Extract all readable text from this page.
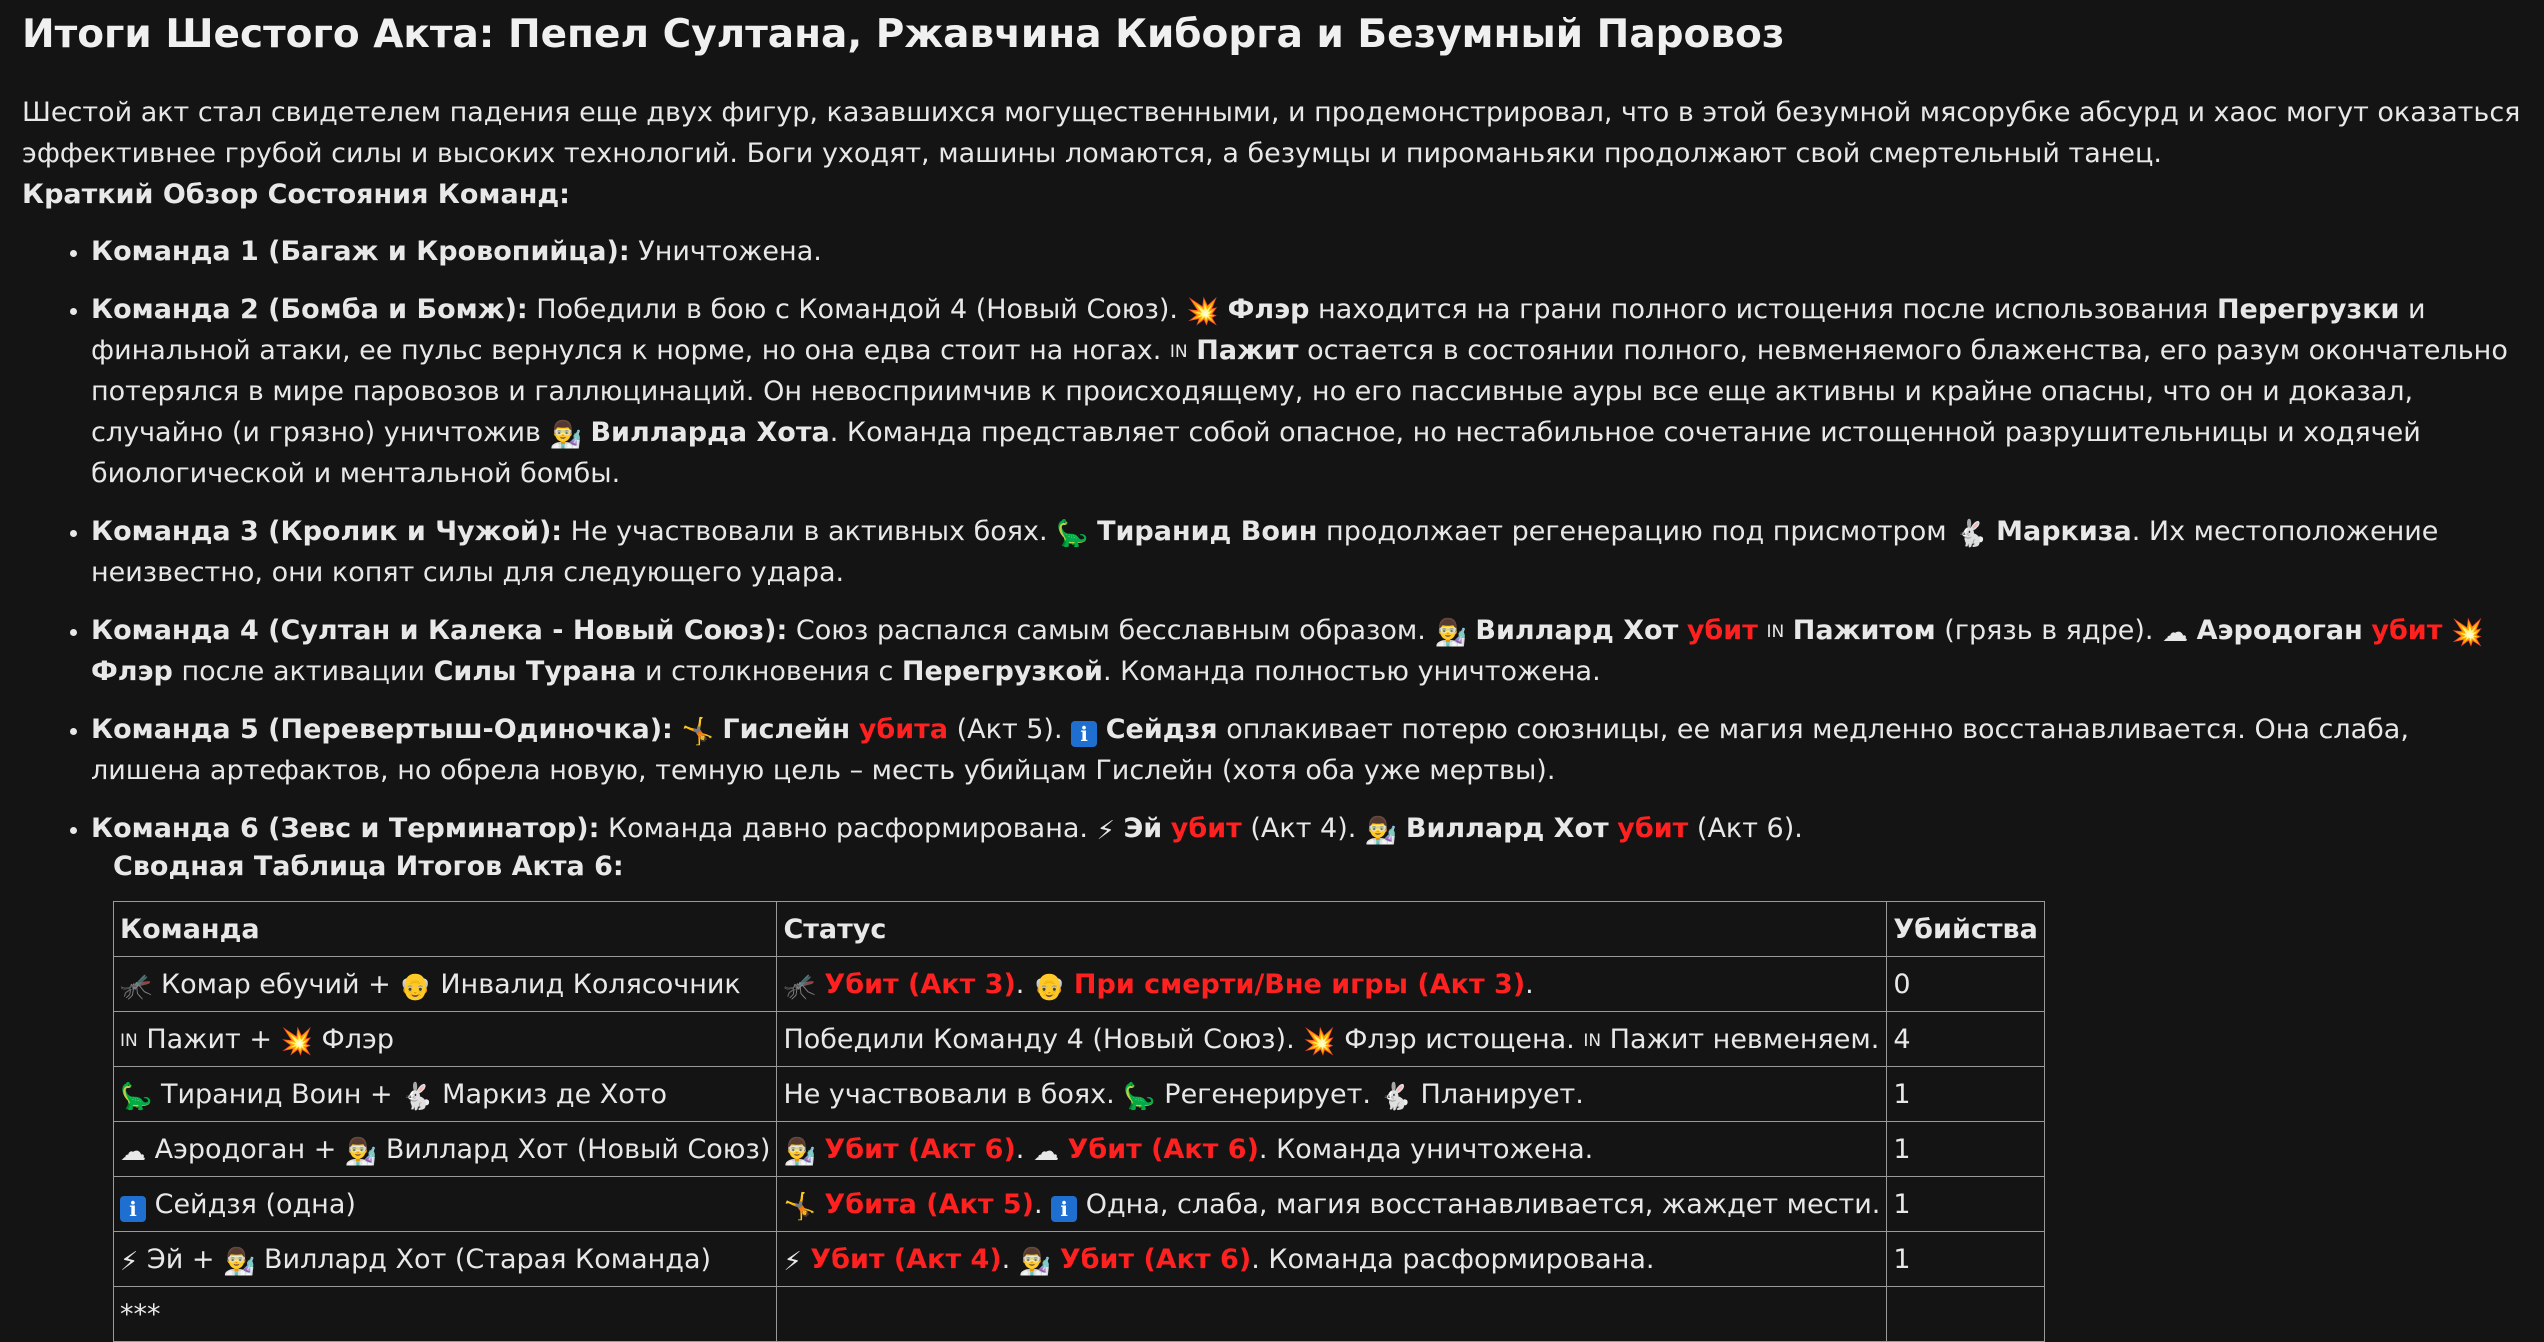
Итоги Шестого Акта: Пепел Султана, Ржавчина Киборга и Безумный Паровоз

Шестой акт стал свидетелем падения еще двух фигур, казавшихся могущественными, и продемонстрировал, что в этой безумной мясорубке абсурд и хаос могут оказаться эффективнее грубой силы и высоких технологий. Боги уходят, машины ломаются, а безумцы и пироманьяки продолжают свой смертельный танец.

Краткий Обзор Состояния Команд:

• Команда 1 (Багаж и Кровопийца): Уничтожена.
• Команда 2 (Бомба и Бомж): Победили в бою с Командой 4 (Новый Союз). 💥 Флэр находится на грани полного истощения после использования Перегрузки и финальной атаки, ее пульс вернулся к норме, но она едва стоит на ногах. IN Пажит остается в состоянии полного, невменяемого блаженства, его разум окончательно потерялся в мире паровозов и галлюцинаций. Он невосприимчив к происходящему, но его пассивные ауры все еще активны и крайне опасны, что он и доказал, случайно (и грязно) уничтожив 👨‍🔬 Вилларда Хота. Команда представляет собой опасное, но нестабильное сочетание истощенной разрушительницы и ходячей биологической и ментальной бомбы.
• Команда 3 (Кролик и Чужой): Не участвовали в активных боях. 🦕 Тиранид Воин продолжает регенерацию под присмотром 🐇 Маркиза. Их местоположение неизвестно, они копят силы для следующего удара.
• Команда 4 (Султан и Калека - Новый Союз): Союз распался самым бесславным образом. 👨‍🔬 Виллард Хот убит IN Пажитом (грязь в ядре). ☁ Аэродоган убит 💥 Флэр после активации Силы Турана и столкновения с Перегрузкой. Команда полностью уничтожена.
• Команда 5 (Перевертыш-Одиночка): 🤸 Гислейн убита (Акт 5). ℹ Сейдзя оплакивает потерю союзницы, ее магия медленно восстанавливается. Она слаба, лишена артефактов, но обрела новую, темную цель – месть убийцам Гислейн (хотя оба уже мертвы).
• Команда 6 (Зевс и Терминатор): Команда давно расформирована. ⚡ Эй убит (Акт 4). 👨‍🔬 Виллард Хот убит (Акт 6).

Сводная Таблица Итогов Акта 6:

Команда	Статус	Убийства
🦟 Комар ебучий + 👴 Инвалид Колясочник	🦟 Убит (Акт 3). 👴 При смерти/Вне игры (Акт 3).	0
IN Пажит + 💥 Флэр	Победили Команду 4 (Новый Союз). 💥 Флэр истощена. IN Пажит невменяем.	4
🦕 Тиранид Воин + 🐇 Маркиз де Хото	Не участвовали в боях. 🦕 Регенерирует. 🐇 Планирует.	1
☁ Аэродоган + 👨‍🔬 Виллард Хот (Новый Союз)	👨‍🔬 Убит (Акт 6). ☁ Убит (Акт 6). Команда уничтожена.	1
ℹ Сейдзя (одна)	🤸 Убита (Акт 5). ℹ Одна, слаба, магия восстанавливается, жаждет мести.	1
⚡ Эй + 👨‍🔬 Виллард Хот (Старая Команда)	⚡ Убит (Акт 4). 👨‍🔬 Убит (Акт 6). Команда расформирована.	1
***		
